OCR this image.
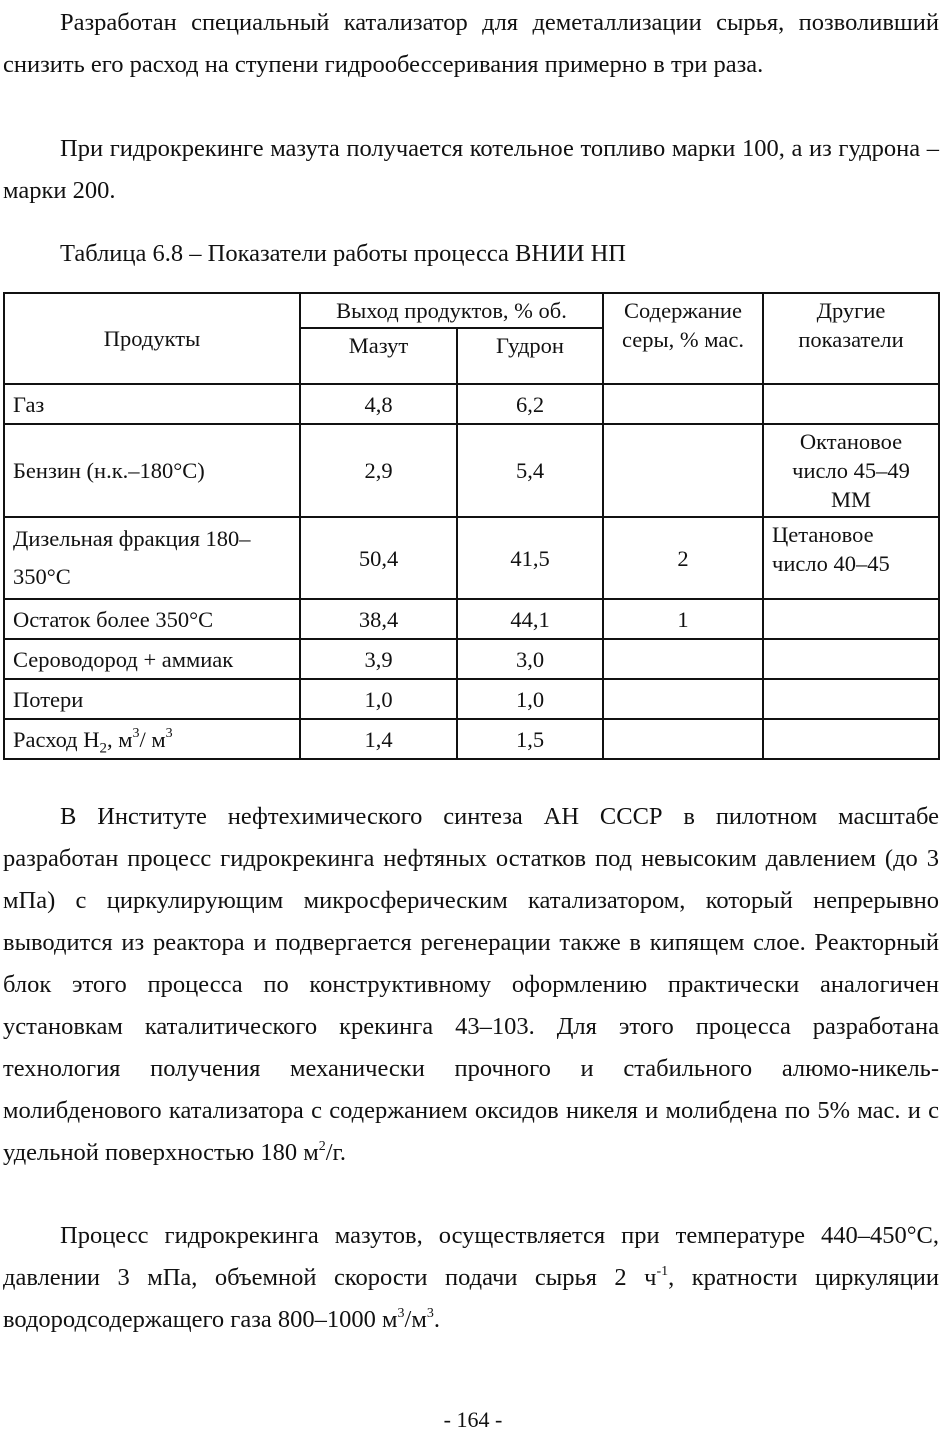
Разработан специальный катализатор для деметаллизации сырья, позволивший снизить его расход на ступени гидрообессеривания примерно в три раза.

При гидрокрекинге мазута получается котельное топливо марки 100, а из гудрона – марки 200.

Таблица 6.8 – Показатели работы процесса ВНИИ НП

Продукты	Выход продуктов, % об.		Содержание серы, % мас.	Другие показатели
	Мазут	Гудрон		
Газ	4,8	6,2		
Бензин (н.к.–180°С)	2,9	5,4		Октановое число 45–49 ММ
Дизельная фракция 180–350°С	50,4	41,5	2	Цетановое число 40–45
Остаток более 350°С	38,4	44,1	1	
Сероводород + аммиак	3,9	3,0		
Потери	1,0	1,0		
Расход $Н_2$, $м^3/$ $м^3$	1,4	1,5		

В Институте нефтехимического синтеза АН СССР в пилотном масштабе разработан процесс гидрокрекинга нефтяных остатков под невысоким давлением (до 3 мПа) с циркулирующим микросферическим катализатором, который непрерывно выводится из реактора и подвергается регенерации также в кипящем слое. Реакторный блок этого процесса по конструктивному оформлению практически аналогичен установкам каталитического крекинга 43–103. Для этого процесса разработана технология получения механически прочного и стабильного алюмо-никель-молибденового катализатора с содержанием оксидов никеля и молибдена по 5% мас. и с удельной поверхностью 180 $м^2/г$.

Процесс гидрокрекинга мазутов, осуществляется при температуре 440–450°С, давлении 3 мПа, объемной скорости подачи сырья 2 $ч^{-1}$, кратности циркуляции водородсодержащего газа 800–1000 $м^3/м^3$.

- 164 -
